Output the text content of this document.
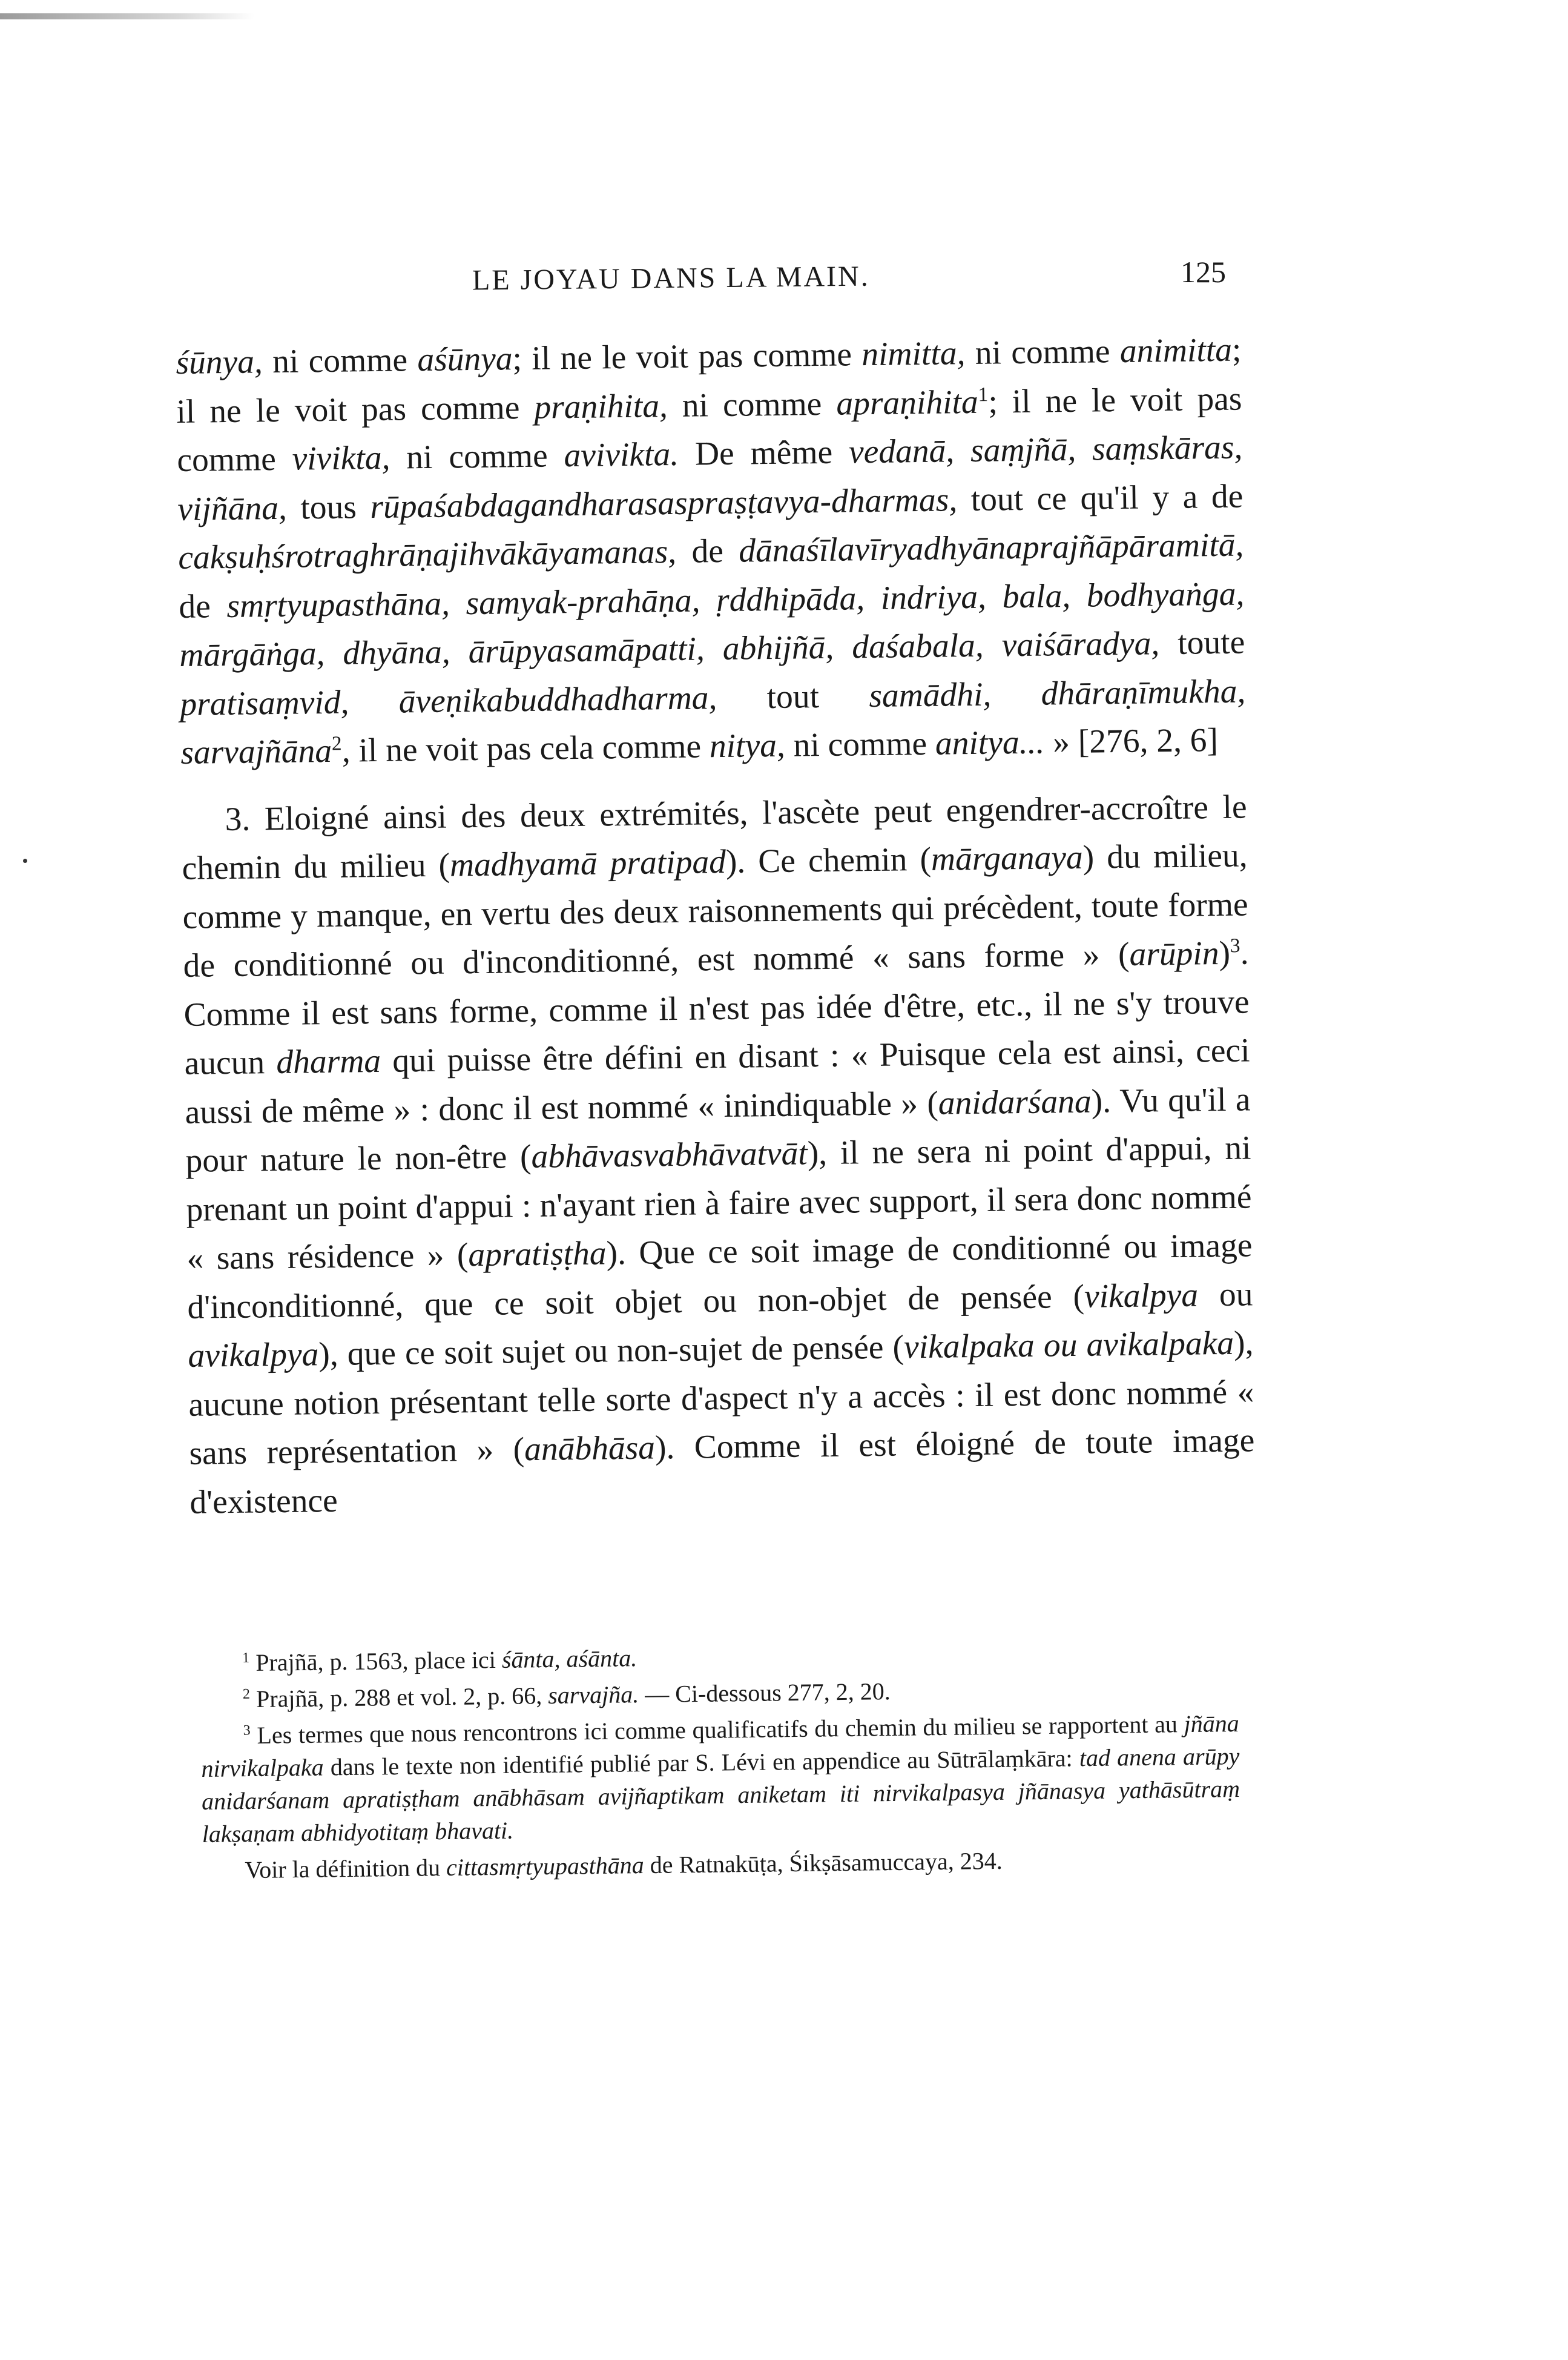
LE JOYAU DANS LA MAIN.	125

śūnya, ni comme aśūnya; il ne le voit pas comme nimitta, ni comme animitta; il ne le voit pas comme praṇihita, ni comme apraṇihita$^1$; il ne le voit pas comme vivikta, ni comme avivikta. De même vedanā, saṃjñā, saṃskāras, vijñāna, tous rūpaśabdagandharasaspraṣṭavya-dharmas, tout ce qu'il y a de cakṣuḥśrotraghrāṇajihvākāyamanas, de dānaśīlavīryadhyānaprajñāpāramitā, de smṛtyupasthāna, samyak-prahāṇa, ṛddhipāda, indriya, bala, bodhyaṅga, mārgāṅga, dhyāna, ārūpyasamāpatti, abhijñā, daśabala, vaiśāradya, toute pratisaṃvid, āveṇikabuddhadharma, tout samādhi, dhāraṇīmukha, sarvajñāna$^2$, il ne voit pas cela comme nitya, ni comme anitya... » [276, 2, 6]

3. Eloigné ainsi des deux extrémités, l'ascète peut engendrer-accroître le chemin du milieu (madhyamā pratipad). Ce chemin (mārganaya) du milieu, comme y manque, en vertu des deux raisonnements qui précèdent, toute forme de conditionné ou d'inconditionné, est nommé « sans forme » (arūpin)$^3$. Comme il est sans forme, comme il n'est pas idée d'être, etc., il ne s'y trouve aucun dharma qui puisse être défini en disant : « Puisque cela est ainsi, ceci aussi de même » : donc il est nommé « inindiquable » (anidarśana). Vu qu'il a pour nature le non-être (abhāvasvabhāvatvāt), il ne sera ni point d'appui, ni prenant un point d'appui : n'ayant rien à faire avec support, il sera donc nommé « sans résidence » (apratiṣṭha). Que ce soit image de conditionné ou image d'inconditionné, que ce soit objet ou non-objet de pensée (vikalpya ou avikalpya), que ce soit sujet ou non-sujet de pensée (vikalpaka ou avikalpaka), aucune notion présentant telle sorte d'aspect n'y a accès : il est donc nommé « sans représentation » (anābhāsa). Comme il est éloigné de toute image d'existence

$^1$ Prajñā, p. 1563, place ici śānta, aśānta.

$^2$ Prajñā, p. 288 et vol. 2, p. 66, sarvajña. — Ci-dessous 277, 2, 20.

$^3$ Les termes que nous rencontrons ici comme qualificatifs du chemin du milieu se rapportent au jñāna nirvikalpaka dans le texte non identifié publié par S. Lévi en appendice au Sūtrālaṃkāra: tad anena arūpy anidarśanam apratiṣṭham anābhāsam avijñaptikam aniketam iti nirvikalpasya jñānasya yathāsūtraṃ lakṣaṇam abhidyotitaṃ bhavati.

Voir la définition du cittasmṛtyupasthāna de Ratnakūṭa, Śikṣāsamuccaya, 234.
